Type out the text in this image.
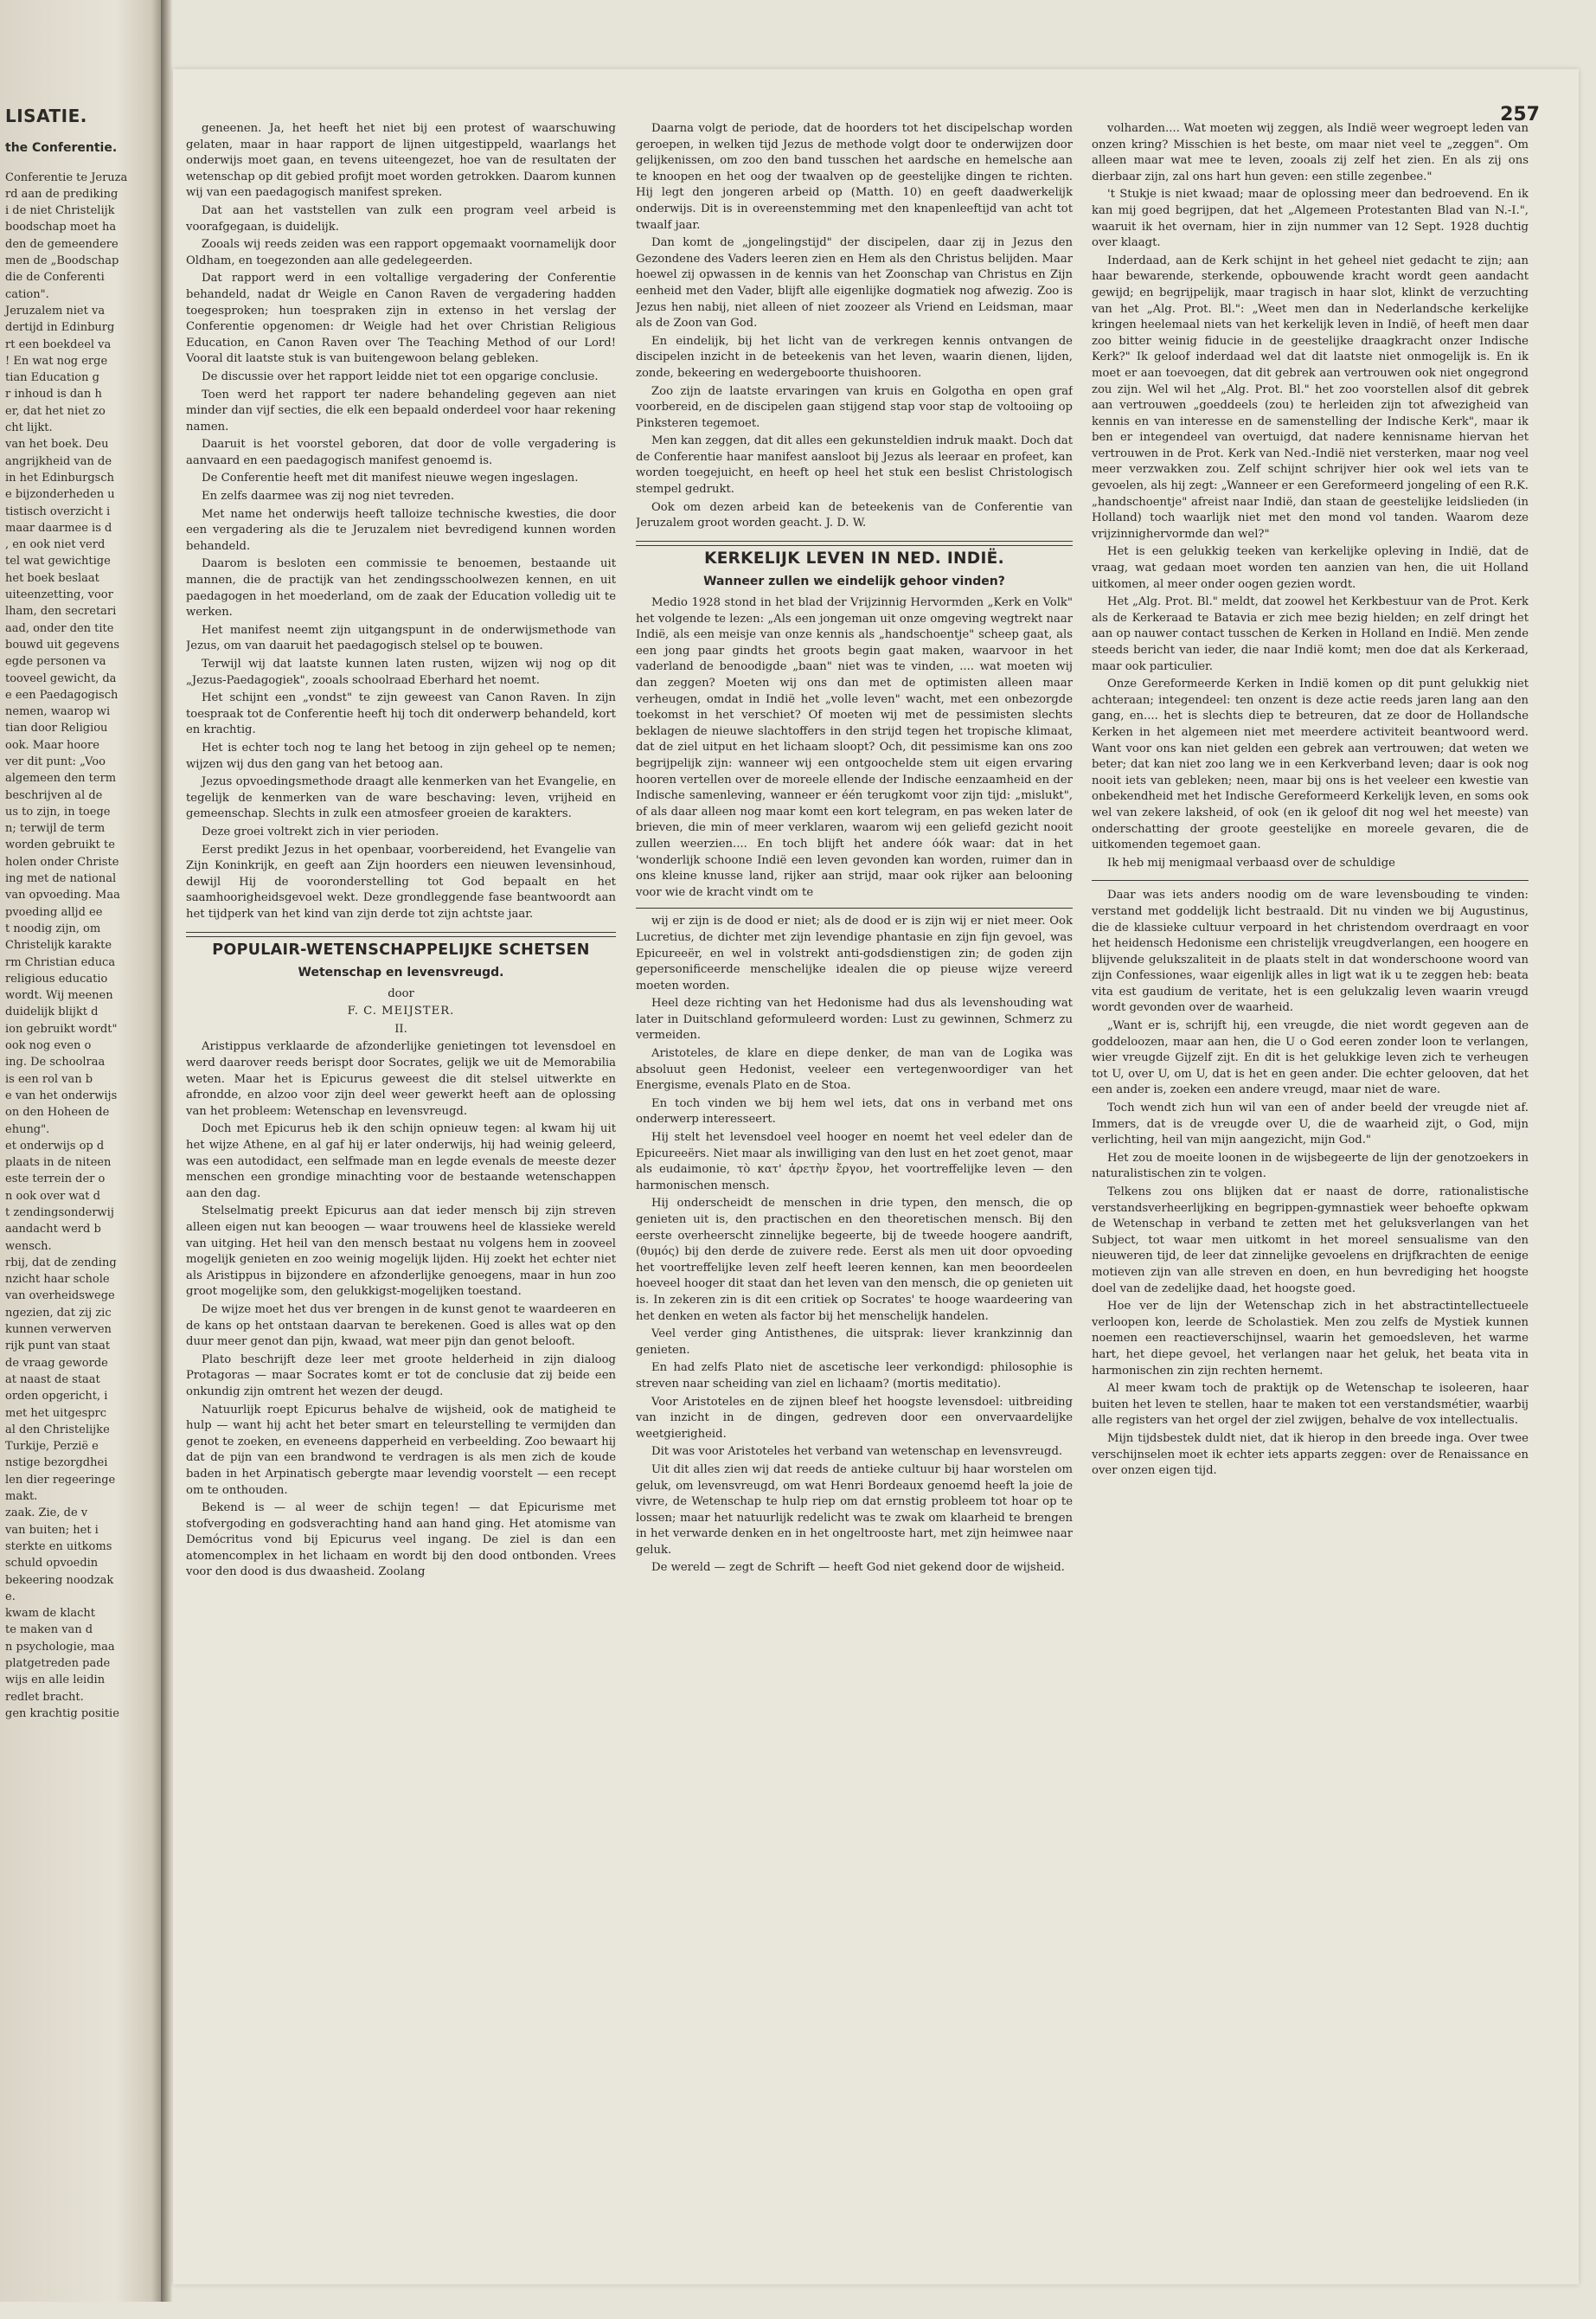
LISATIE.
the Conferentie.
Conferentie te Jeruza
rd aan de prediking
i de niet Christelijk
boodschap moet ha
den de gemeendere
men de „Boodschap
die de Conferenti
cation".
Jeruzalem niet va
dertijd in Edinburg
rt een boekdeel va
! En wat nog erge
tian Education g
r inhoud is dan h
er, dat het niet zo
cht lijkt.
van het boek. Deu
angrijkheid van de
in het Edinburgsch
e bijzonderheden u
tistisch overzicht i
maar daarmee is d
, en ook niet verd
tel wat gewichtige
het boek beslaat
uiteenzetting, voor
lham, den secretari
aad, onder den tite
bouwd uit gegevens
egde personen va
tooveel gewicht, da
e een Paedagogisch
nemen, waarop wi
tian door Religiou
ook. Maar hoore
ver dit punt: „Voo
algemeen den term
beschrijven al de
us to zijn, in toege
n; terwijl de term
worden gebruikt te
holen onder Christe
ing met de national
van opvoeding. Maa
pvoeding alljd ee
t noodig zijn, om
Christelijk karakte
rm Christian educa
religious educatio
wordt. Wij meenen
duidelijk blijkt d
ion gebruikt wordt"
ook nog even o
ing. De schoolraa
is een rol van b
e van het onderwijs
on den Hoheen de
ehung".
et onderwijs op d
plaats in de niteen
este terrein der o
n ook over wat d
t zendingsonderwij
aandacht werd b
wensch.
rbij, dat de zending
nzicht haar schole
van overheidswege
ngezien, dat zij zic
kunnen verwerven
rijk punt van staat
de vraag geworde
at naast de staat
orden opgericht, i
met het uitgesprc
al den Christelijke
Turkije, Perzië e
nstige bezorgdhei
len dier regeeringe
makt.
zaak. Zie, de v
van buiten; het i
sterkte en uitkoms
schuld opvoedin
bekeering noodzak
e.
kwam de klacht
te maken van d
n psychologie, maa
platgetreden pade
wijs en alle leidin
redlet bracht.
gen krachtig positie
257

geneenen. Ja, het heeft het niet bij een protest of waarschuwing gelaten, maar in haar rapport de lijnen uitgestippeld, waarlangs het onderwijs moet gaan, en tevens uiteengezet, hoe van de resultaten der wetenschap op dit gebied profijt moet worden getrokken. Daarom kunnen wij van een paedagogisch manifest spreken.

Dat aan het vaststellen van zulk een program veel arbeid is voorafgegaan, is duidelijk.

Zooals wij reeds zeiden was een rapport opgemaakt voornamelijk door Oldham, en toegezonden aan alle gedelegeerden.

Dat rapport werd in een voltallige vergadering der Conferentie behandeld, nadat dr Weigle en Canon Raven de vergadering hadden toegesproken; hun toespraken zijn in extenso in het verslag der Conferentie opgenomen: dr Weigle had het over Christian Religious Education, en Canon Raven over The Teaching Method of our Lord! Vooral dit laatste stuk is van buitengewoon belang gebleken.

De discussie over het rapport leidde niet tot een opgarige conclusie.

Toen werd het rapport ter nadere behandeling gegeven aan niet minder dan vijf secties, die elk een bepaald onderdeel voor haar rekening namen.

Daaruit is het voorstel geboren, dat door de volle vergadering is aanvaard en een paedagogisch manifest genoemd is.

De Conferentie heeft met dit manifest nieuwe wegen ingeslagen.

En zelfs daarmee was zij nog niet tevreden.

Met name het onderwijs heeft talloize technische kwesties, die door een vergadering als die te Jeruzalem niet bevredigend kunnen worden behandeld.

Daarom is besloten een commissie te benoemen, bestaande uit mannen, die de practijk van het zendingsschoolwezen kennen, en uit paedagogen in het moederland, om de zaak der Education volledig uit te werken.

Het manifest neemt zijn uitgangspunt in de onderwijsmethode van Jezus, om van daaruit het paedagogisch stelsel op te bouwen.

Terwijl wij dat laatste kunnen laten rusten, wijzen wij nog op dit „Jezus-Paedagogiek", zooals schoolraad Eberhard het noemt.

Het schijnt een „vondst" te zijn geweest van Canon Raven. In zijn toespraak tot de Conferentie heeft hij toch dit onderwerp behandeld, kort en krachtig.

Het is echter toch nog te lang het betoog in zijn geheel op te nemen; wijzen wij dus den gang van het betoog aan.

Jezus opvoedingsmethode draagt alle kenmerken van het Evangelie, en tegelijk de kenmerken van de ware beschaving: leven, vrijheid en gemeenschap. Slechts in zulk een atmosfeer groeien de karakters.

Deze groei voltrekt zich in vier perioden.

Eerst predikt Jezus in het openbaar, voorbereidend, het Evangelie van Zijn Koninkrijk, en geeft aan Zijn hoorders een nieuwen levensinhoud, dewijl Hij de vooronderstelling tot God bepaalt en het saamhoorigheidsgevoel wekt. Deze grondleggende fase beantwoordt aan het tijdperk van het kind van zijn derde tot zijn achtste jaar.

POPULAIR-WETENSCHAPPELIJKE SCHETSEN
Wetenschap en levensvreugd.

door

F. C. MEIJSTER.

II.

Aristippus verklaarde de afzonderlijke genietingen tot levensdoel en werd daarover reeds berispt door Socrates, gelijk we uit de Memorabilia weten. Maar het is Epicurus geweest die dit stelsel uitwerkte en afrondde, en alzoo voor zijn deel weer gewerkt heeft aan de oplossing van het probleem: Wetenschap en levensvreugd.

Doch met Epicurus heb ik den schijn opnieuw tegen: al kwam hij uit het wijze Athene, en al gaf hij er later onderwijs, hij had weinig geleerd, was een autodidact, een selfmade man en legde evenals de meeste dezer menschen een grondige minachting voor de bestaande wetenschappen aan den dag.

Stelselmatig preekt Epicurus aan dat ieder mensch bij zijn streven alleen eigen nut kan beoogen — waar trouwens heel de klassieke wereld van uitging. Het heil van den mensch bestaat nu volgens hem in zooveel mogelijk genieten en zoo weinig mogelijk lijden. Hij zoekt het echter niet als Aristippus in bijzondere en afzonderlijke genoegens, maar in hun zoo groot mogelijke som, den gelukkigst-mogelijken toestand.

De wijze moet het dus ver brengen in de kunst genot te waardeeren en de kans op het ontstaan daarvan te berekenen. Goed is alles wat op den duur meer genot dan pijn, kwaad, wat meer pijn dan genot belooft.

Plato beschrijft deze leer met groote helderheid in zijn dialoog Protagoras — maar Socrates komt er tot de conclusie dat zij beide een onkundig zijn omtrent het wezen der deugd.

Natuurlijk roept Epicurus behalve de wijsheid, ook de matigheid te hulp — want hij acht het beter smart en teleurstelling te vermijden dan genot te zoeken, en eveneens dapperheid en verbeelding. Zoo bewaart hij dat de pijn van een brandwond te verdragen is als men zich de koude baden in het Arpinatisch gebergte maar levendig voorstelt — een recept om te onthouden.

Bekend is — al weer de schijn tegen! — dat Epicurisme met stofvergoding en godsverachting hand aan hand ging. Het atomisme van Demócritus vond bij Epicurus veel ingang. De ziel is dan een atomencomplex in het lichaam en wordt bij den dood ontbonden. Vrees voor den dood is dus dwaasheid. Zoolang

Daarna volgt de periode, dat de hoorders tot het discipelschap worden geroepen, in welken tijd Jezus de methode volgt door te onderwijzen door gelijkenissen, om zoo den band tusschen het aardsche en hemelsche aan te knoopen en het oog der twaalven op de geestelijke dingen te richten. Hij legt den jongeren arbeid op (Matth. 10) en geeft daadwerkelijk onderwijs. Dit is in overeenstemming met den knapenleeftijd van acht tot twaalf jaar.

Dan komt de „jongelingstijd" der discipelen, daar zij in Jezus den Gezondene des Vaders leeren zien en Hem als den Christus belijden. Maar hoewel zij opwassen in de kennis van het Zoonschap van Christus en Zijn eenheid met den Vader, blijft alle eigenlijke dogmatiek nog afwezig. Zoo is Jezus hen nabij, niet alleen of niet zoozeer als Vriend en Leidsman, maar als de Zoon van God.

En eindelijk, bij het licht van de verkregen kennis ontvangen de discipelen inzicht in de beteekenis van het leven, waarin dienen, lijden, zonde, bekeering en wedergeboorte thuishooren.

Zoo zijn de laatste ervaringen van kruis en Golgotha en open graf voorbereid, en de discipelen gaan stijgend stap voor stap de voltooiing op Pinksteren tegemoet.

Men kan zeggen, dat dit alles een gekunsteldien indruk maakt. Doch dat de Conferentie haar manifest aansloot bij Jezus als leeraar en profeet, kan worden toegejuicht, en heeft op heel het stuk een beslist Christologisch stempel gedrukt.

Ook om dezen arbeid kan de beteekenis van de Conferentie van Jeruzalem groot worden geacht. J. D. W.

KERKELIJK LEVEN IN NED. INDIË.
Wanneer zullen we eindelijk gehoor vinden?

Medio 1928 stond in het blad der Vrijzinnig Hervormden „Kerk en Volk" het volgende te lezen: „Als een jongeman uit onze omgeving wegtrekt naar Indië, als een meisje van onze kennis als „handschoentje" scheep gaat, als een jong paar gindts het groots begin gaat maken, waarvoor in het vaderland de benoodigde „baan" niet was te vinden, .... wat moeten wij dan zeggen? Moeten wij ons dan met de optimisten alleen maar verheugen, omdat in Indië het „volle leven" wacht, met een onbezorgde toekomst in het verschiet? Of moeten wij met de pessimisten slechts beklagen de nieuwe slachtoffers in den strijd tegen het tropische klimaat, dat de ziel uitput en het lichaam sloopt? Och, dit pessimisme kan ons zoo begrijpelijk zijn: wanneer wij een ontgoochelde stem uit eigen ervaring hooren vertellen over de moreele ellende der Indische eenzaamheid en der Indische samenleving, wanneer er één terugkomt voor zijn tijd: „mislukt", of als daar alleen nog maar komt een kort telegram, en pas weken later de brieven, die min of meer verklaren, waarom wij een geliefd gezicht nooit zullen weerzien.... En toch blijft het andere óók waar: dat in het 'wonderlijk schoone Indië een leven gevonden kan worden, ruimer dan in ons kleine knusse land, rijker aan strijd, maar ook rijker aan belooning voor wie de kracht vindt om te

wij er zijn is de dood er niet; als de dood er is zijn wij er niet meer. Ook Lucretius, de dichter met zijn levendige phantasie en zijn fijn gevoel, was Epicureeër, en wel in volstrekt anti-godsdienstigen zin; de goden zijn gepersonificeerde menschelijke idealen die op pieuse wijze vereerd moeten worden.

Heel deze richting van het Hedonisme had dus als levenshouding wat later in Duitschland geformuleerd worden: Lust zu gewinnen, Schmerz zu vermeiden.

Aristoteles, de klare en diepe denker, de man van de Logika was absoluut geen Hedonist, veeleer een vertegenwoordiger van het Energisme, evenals Plato en de Stoa.

En toch vinden we bij hem wel iets, dat ons in verband met ons onderwerp interesseert.

Hij stelt het levensdoel veel hooger en noemt het veel edeler dan de Epicureeërs. Niet maar als inwilliging van den lust en het zoet genot, maar als eudaimonie, τὸ κατ' ἀρετὴν ἔργον, het voortreffelijke leven — den harmonischen mensch.

Hij onderscheidt de menschen in drie typen, den mensch, die op genieten uit is, den practischen en den theoretischen mensch. Bij den eerste overheerscht zinnelijke begeerte, bij de tweede hoogere aandrift, (θυμός) bij den derde de zuivere rede. Eerst als men uit door opvoeding het voortreffelijke leven zelf heeft leeren kennen, kan men beoordeelen hoeveel hooger dit staat dan het leven van den mensch, die op genieten uit is. In zekeren zin is dit een critiek op Socrates' te hooge waardeering van het denken en weten als factor bij het menschelijk handelen.

Veel verder ging Antisthenes, die uitsprak: liever krankzinnig dan genieten.

En had zelfs Plato niet de ascetische leer verkondigd: philosophie is streven naar scheiding van ziel en lichaam? (mortis meditatio).

Voor Aristoteles en de zijnen bleef het hoogste levensdoel: uitbreiding van inzicht in de dingen, gedreven door een onvervaardelijke weetgierigheid.

Dit was voor Aristoteles het verband van wetenschap en levensvreugd.

Uit dit alles zien wij dat reeds de antieke cultuur bij haar worstelen om geluk, om levensvreugd, om wat Henri Bordeaux genoemd heeft la joie de vivre, de Wetenschap te hulp riep om dat ernstig probleem tot hoar op te lossen; maar het natuurlijk redelicht was te zwak om klaarheid te brengen in het verwarde denken en in het ongeltroostе hart, met zijn heimwee naar geluk.

De wereld — zegt de Schrift — heeft God niet gekend door de wijsheid.

volharden.... Wat moeten wij zeggen, als Indië weer wegroept leden van onzen kring? Misschien is het beste, om maar niet veel te „zeggen". Om alleen maar wat mee te leven, zooals zij zelf het zien. En als zij ons dierbaar zijn, zal ons hart hun geven: een stille zegenbee."

't Stukje is niet kwaad; maar de oplossing meer dan bedroevend. En ik kan mij goed begrijpen, dat het „Algemeen Protestanten Blad van N.-I.", waaruit ik het overnam, hier in zijn nummer van 12 Sept. 1928 duchtig over klaagt.

Inderdaad, aan de Kerk schijnt in het geheel niet gedacht te zijn; aan haar bewarende, sterkende, opbouwende kracht wordt geen aandacht gewijd; en begrijpelijk, maar tragisch in haar slot, klinkt de verzuchting van het „Alg. Prot. Bl.": „Weet men dan in Nederlandsche kerkelijke kringen heelemaal niets van het kerkelijk leven in Indië, of heeft men daar zoo bitter weinig fiducie in de geestelijke draagkracht onzer Indische Kerk?" Ik geloof inderdaad wel dat dit laatste niet onmogelijk is. En ik moet er aan toevoegen, dat dit gebrek aan vertrouwen ook niet ongegrond zou zijn. Wel wil het „Alg. Prot. Bl." het zoo voorstellen alsof dit gebrek aan vertrouwen „goeddeels (zou) te herleiden zijn tot afwezigheid van kennis en van interesse en de samenstelling der Indische Kerk", maar ik ben er integendeel van overtuigd, dat nadere kennisname hiervan het vertrouwen in de Prot. Kerk van Ned.-Indië niet versterken, maar nog veel meer verzwakken zou. Zelf schijnt schrijver hier ook wel iets van te gevoelen, als hij zegt: „Wanneer er een Gereformeerd jongeling of een R.K. „handschoentje" afreist naar Indië, dan staan de geestelijke leidslieden (in Holland) toch waarlijk niet met den mond vol tanden. Waarom deze vrijzinnighervormde dan wel?"

Het is een gelukkig teeken van kerkelijke opleving in Indië, dat de vraag, wat gedaan moet worden ten aanzien van hen, die uit Holland uitkomen, al meer onder oogen gezien wordt.

Het „Alg. Prot. Bl." meldt, dat zoowel het Kerkbestuur van de Prot. Kerk als de Kerkeraad te Batavia er zich mee bezig hielden; en zelf dringt het aan op nauwer contact tusschen de Kerken in Holland en Indië. Men zende steeds bericht van ieder, die naar Indië komt; men doe dat als Kerkeraad, maar ook particulier.

Onze Gereformeerde Kerken in Indië komen op dit punt gelukkig niet achteraan; integendeel: ten onzent is deze actie reeds jaren lang aan den gang, en.... het is slechts diep te betreuren, dat ze door de Hollandsche Kerken in het algemeen niet met meerdere activiteit beantwoord werd. Want voor ons kan niet gelden een gebrek aan vertrouwen; dat weten we beter; dat kan niet zoo lang we in een Kerkverband leven; daar is ook nog nooit iets van gebleken; neen, maar bij ons is het veeleer een kwestie van onbekendheid met het Indische Gereformeerd Kerkelijk leven, en soms ook wel van zekere laksheid, of ook (en ik geloof dit nog wel het meeste) van onderschatting der groote geestelijke en moreele gevaren, die de uitkomenden tegemoet gaan.

Ik heb mij menigmaal verbaasd over de schuldige

Daar was iets anders noodig om de ware levensbouding te vinden: verstand met goddelijk licht bestraald. Dit nu vinden we bij Augustinus, die de klassieke cultuur verpoard in het christendom overdraagt en voor het heidensch Hedonisme een christelijk vreugdverlangen, een hoogere en blijvende gelukszaliteit in de plaats stelt in dat wonderschoone woord van zijn Confessiones, waar eigenlijk alles in ligt wat ik u te zeggen heb: beata vita est gaudium de veritate, het is een gelukzalig leven waarin vreugd wordt gevonden over de waarheid.

„Want er is, schrijft hij, een vreugde, die niet wordt gegeven aan de goddeloozen, maar aan hen, die U o God eeren zonder loon te verlangen, wier vreugde Gijzelf zijt. En dit is het gelukkige leven zich te verheugen tot U, over U, om U, dat is het en geen ander. Die echter gelooven, dat het een ander is, zoeken een andere vreugd, maar niet de ware.

Toch wendt zich hun wil van een of ander beeld der vreugde niet af. Immers, dat is de vreugde over U, die de waarheid zijt, o God, mijn verlichting, heil van mijn aangezicht, mijn God."

Het zou de moeite loonen in de wijsbegeerte de lijn der genotzoekers in naturalistischen zin te volgen.

Telkens zou ons blijken dat er naast de dorre, rationalistische verstandsverheerlijking en begrippen-gymnastiek weer behoefte opkwam de Wetenschap in verband te zetten met het geluksverlangen van het Subject, tot waar men uitkomt in het moreel sensualisme van den nieuweren tijd, de leer dat zinnelijke gevoelens en drijfkrachten de eenige motieven zijn van alle streven en doen, en hun bevrediging het hoogste doel van de zedelijke daad, het hoogste goed.

Hoe ver de lijn der Wetenschap zich in het abstractintellectueele verloopen kon, leerde de Scholastiek. Men zou zelfs de Mystiek kunnen noemen een reactieverschijnsel, waarin het gemoedsleven, het warme hart, het diepe gevoel, het verlangen naar het geluk, het beata vita in harmonischen zin zijn rechten hernemt.

Al meer kwam toch de praktijk op de Wetenschap te isoleeren, haar buiten het leven te stellen, haar te maken tot een verstandsmétier, waarbij alle registers van het orgel der ziel zwijgen, behalve de vox intellectualis.

Mijn tijdsbestek duldt niet, dat ik hierop in den breede inga. Over twee verschijnselen moet ik echter iets apparts zeggen: over de Renaissance en over onzen eigen tijd.
